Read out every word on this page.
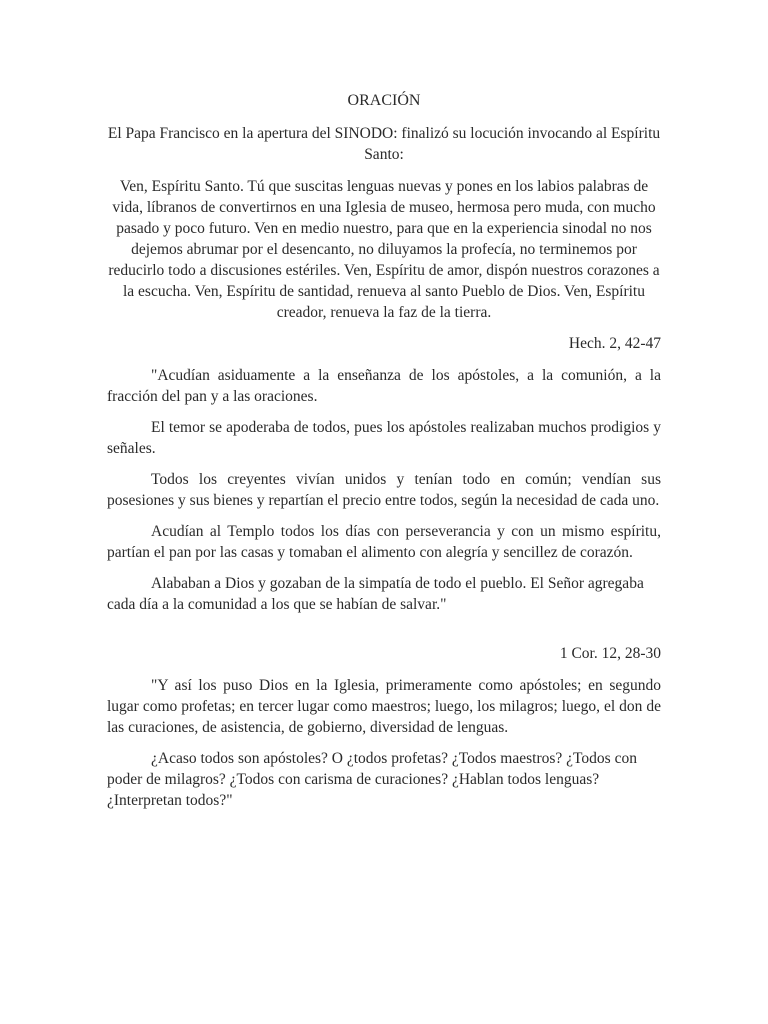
ORACIÓN

El Papa Francisco en la apertura del SINODO: finalizó su locución invocando al Espíritu Santo:

Ven, Espíritu Santo. Tú que suscitas lenguas nuevas y pones en los labios palabras de vida, líbranos de convertirnos en una Iglesia de museo, hermosa pero muda, con mucho pasado y poco futuro. Ven en medio nuestro, para que en la experiencia sinodal no nos dejemos abrumar por el desencanto, no diluyamos la profecía, no terminemos por reducirlo todo a discusiones estériles. Ven, Espíritu de amor, dispón nuestros corazones a la escucha. Ven, Espíritu de santidad, renueva al santo Pueblo de Dios. Ven, Espíritu creador, renueva la faz de la tierra.

Hech. 2, 42-47

"Acudían asiduamente a la enseñanza de los apóstoles, a la comunión, a la fracción del pan y a las oraciones.

El temor se apoderaba de todos, pues los apóstoles realizaban muchos prodigios y señales.

Todos los creyentes vivían unidos y tenían todo en común; vendían sus posesiones y sus bienes y repartían el precio entre todos, según la necesidad de cada uno.

Acudían al Templo todos los días con perseverancia y con un mismo espíritu, partían el pan por las casas y tomaban el alimento con alegría y sencillez de corazón.

Alababan a Dios y gozaban de la simpatía de todo el pueblo. El Señor agregaba cada día a la comunidad a los que se habían de salvar."

1 Cor. 12, 28-30

"Y así los puso Dios en la Iglesia, primeramente como apóstoles; en segundo lugar como profetas; en tercer lugar como maestros; luego, los milagros; luego, el don de las curaciones, de asistencia, de gobierno, diversidad de lenguas.

¿Acaso todos son apóstoles? O ¿todos profetas? ¿Todos maestros? ¿Todos con poder de milagros? ¿Todos con carisma de curaciones? ¿Hablan todos lenguas? ¿Interpretan todos?"
